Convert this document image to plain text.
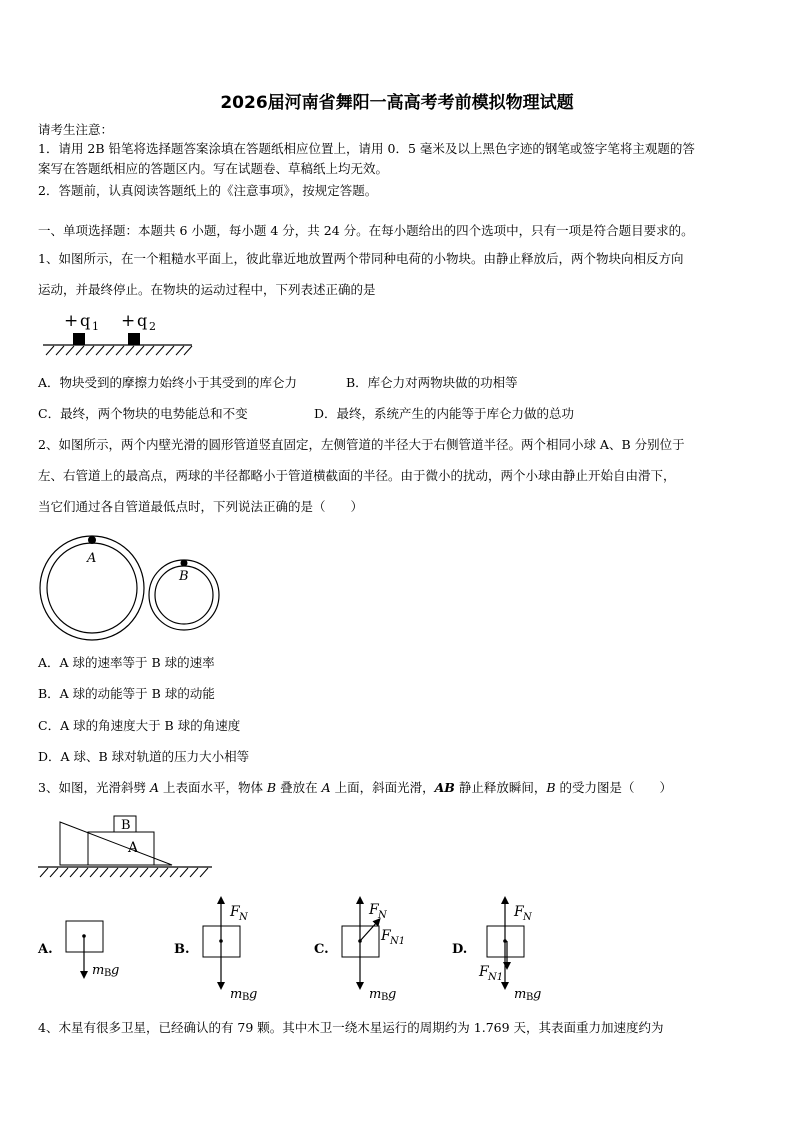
2026届河南省舞阳一高高考考前模拟物理试题
请考生注意：
1．请用 2B 铅笔将选择题答案涂填在答题纸相应位置上，请用 0．5 毫米及以上黑色字迹的钢笔或签字笔将主观题的答
案写在答题纸相应的答题区内。写在试题卷、草稿纸上均无效。
2．答题前，认真阅读答题纸上的《注意事项》，按规定答题。
一、单项选择题：本题共 6 小题，每小题 4 分，共 24 分。在每小题给出的四个选项中，只有一项是符合题目要求的。
1、如图所示，在一个粗糙水平面上，彼此靠近地放置两个带同种电荷的小物块。由静止释放后，两个物块向相反方向
运动，并最终停止。在物块的运动过程中，下列表述正确的是
+ q 1 + q 2
A．物块受到的摩擦力始终小于其受到的库仑力	B．库仑力对两物块做的功相等
C．最终，两个物块的电势能总和不变	D．最终，系统产生的内能等于库仑力做的总功
2、如图所示，两个内壁光滑的圆形管道竖直固定，左侧管道的半径大于右侧管道半径。两个相同小球 A、B 分别位于
左、右管道上的最高点，两球的半径都略小于管道横截面的半径。由于微小的扰动，两个小球由静止开始自由滑下，
当它们通过各自管道最低点时，下列说法正确的是（　　）
A
B
A．A 球的速率等于 B 球的速率
B．A 球的动能等于 B 球的动能
C．A 球的角速度大于 B 球的角速度
D．A 球、B 球对轨道的压力大小相等
3、如图，光滑斜劈 A 上表面水平，物体 B 叠放在 A 上面，斜面光滑，AB 静止释放瞬间，B 的受力图是（　　）
B
A
A.
m B g
B.
F N
m B g
C.
F N
F N1
m B g
D.
F N
F N1
m B g
4、木星有很多卫星，已经确认的有 79 颗。其中木卫一绕木星运行的周期约为 1.769 天，其表面重力加速度约为
